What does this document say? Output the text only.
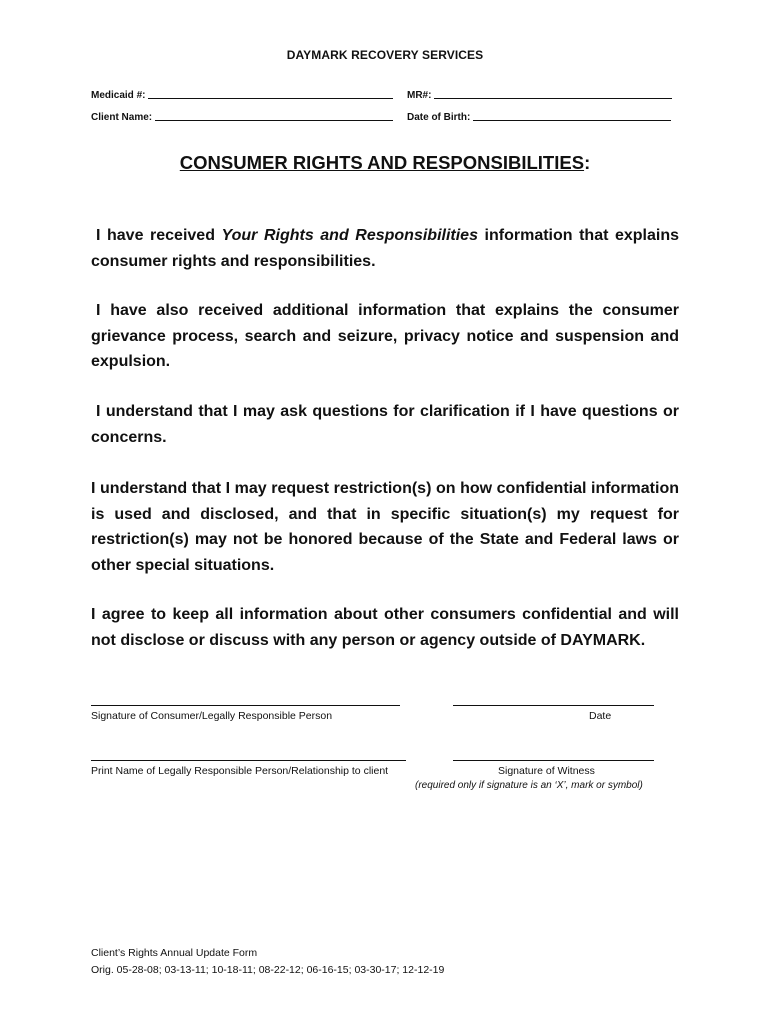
DAYMARK RECOVERY SERVICES
Medicaid #:	MR#:
Client Name:	Date of Birth:
CONSUMER RIGHTS AND RESPONSIBILITIES:
I have received Your Rights and Responsibilities information that explains consumer rights and responsibilities.
I have also received additional information that explains the consumer grievance process, search and seizure, privacy notice and suspension and expulsion.
I understand that I may ask questions for clarification if I have questions or concerns.
I understand that I may request restriction(s) on how confidential information is used and disclosed, and that in specific situation(s) my request for restriction(s) may not be honored because of the State and Federal laws or other special situations.
I agree to keep all information about other consumers confidential and will not disclose or discuss with any person or agency outside of DAYMARK.
Signature of Consumer/Legally Responsible Person	Date
Print Name of Legally Responsible Person/Relationship to client	Signature of Witness
(required only if signature is an ‘X’, mark or symbol)
Client’s Rights Annual Update Form
Orig. 05-28-08; 03-13-11; 10-18-11; 08-22-12; 06-16-15; 03-30-17; 12-12-19
